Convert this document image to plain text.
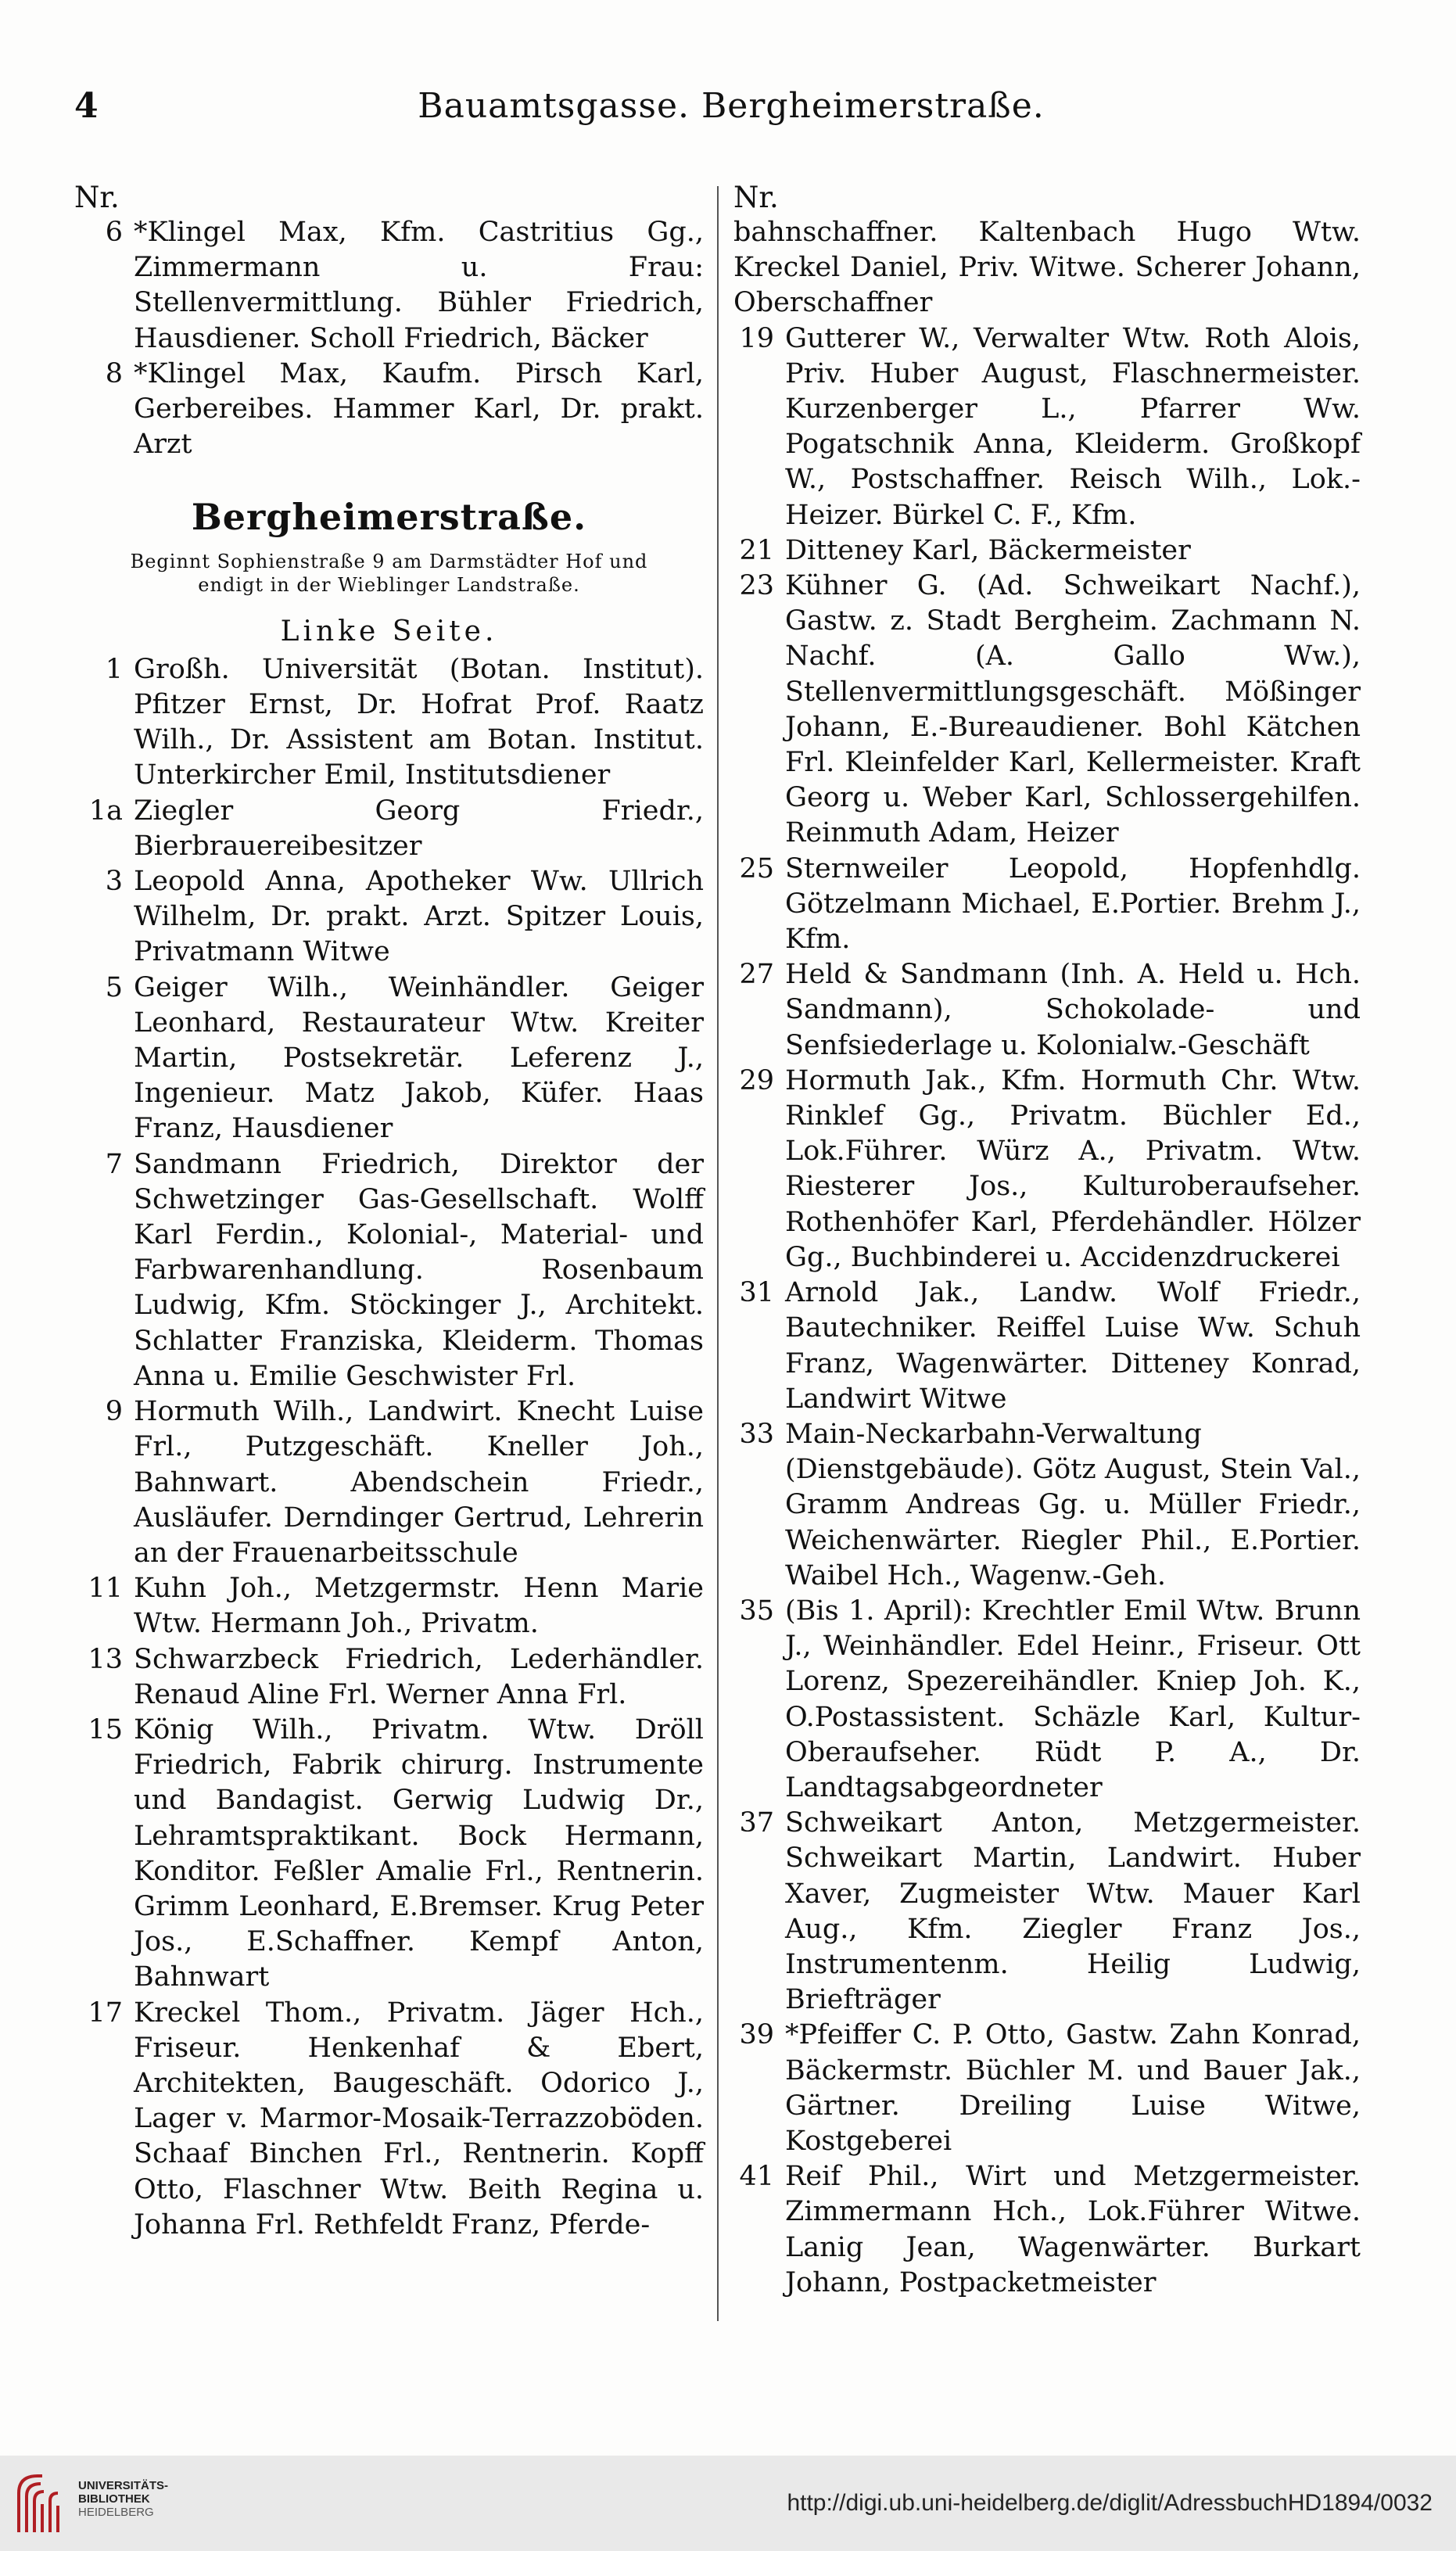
4	Bauamtsgasse. Bergheimerstraße.
Nr.
6 *Klingel Max, Kfm. Castritius Gg., Zimmermann u. Frau: Stellenvermittlung. Bühler Friedrich, Hausdiener. Scholl Friedrich, Bäcker
8 *Klingel Max, Kaufm. Pirsch Karl, Gerbereibes. Hammer Karl, Dr. prakt. Arzt
Bergheimerstraße.
Beginnt Sophienstraße 9 am Darmstädter Hof und
endigt in der Wieblinger Landstraße.
Linke Seite.
1 Großh. Universität (Botan. Institut). Pfitzer Ernst, Dr. Hofrat Prof. Raatz Wilh., Dr. Assistent am Botan. Institut. Unterkircher Emil, Institutsdiener
1a Ziegler Georg Friedr., Bierbrauereibesitzer
3 Leopold Anna, Apotheker Ww. Ullrich Wilhelm, Dr. prakt. Arzt. Spitzer Louis, Privatmann Witwe
5 Geiger Wilh., Weinhändler. Geiger Leonhard, Restaurateur Wtw. Kreiter Martin, Postsekretär. Leferenz J., Ingenieur. Matz Jakob, Küfer. Haas Franz, Hausdiener
7 Sandmann Friedrich, Direktor der Schwetzinger Gas-Gesellschaft. Wolff Karl Ferdin., Kolonial-, Material- und Farbwarenhandlung. Rosenbaum Ludwig, Kfm. Stöckinger J., Architekt. Schlatter Franziska, Kleiderm. Thomas Anna u. Emilie Geschwister Frl.
9 Hormuth Wilh., Landwirt. Knecht Luise Frl., Putzgeschäft. Kneller Joh., Bahnwart. Abendschein Friedr., Ausläufer. Derndinger Gertrud, Lehrerin an der Frauenarbeitsschule
11 Kuhn Joh., Metzgermstr. Henn Marie Wtw. Hermann Joh., Privatm.
13 Schwarzbeck Friedrich, Lederhändler. Renaud Aline Frl. Werner Anna Frl.
15 König Wilh., Privatm. Wtw. Dröll Friedrich, Fabrik chirurg. Instrumente und Bandagist. Gerwig Ludwig Dr., Lehramtspraktikant. Bock Hermann, Konditor. Feßler Amalie Frl., Rentnerin. Grimm Leonhard, E.Bremser. Krug Peter Jos., E.Schaffner. Kempf Anton, Bahnwart
17 Kreckel Thom., Privatm. Jäger Hch., Friseur. Henkenhaf & Ebert, Architekten, Baugeschäft. Odorico J., Lager v. Marmor-Mosaik-Terrazzoböden. Schaaf Binchen Frl., Rentnerin. Kopff Otto, Flaschner Wtw. Beith Regina u. Johanna Frl. Rethfeldt Franz, Pferde-
Nr.
bahnschaffner. Kaltenbach Hugo Wtw. Kreckel Daniel, Priv. Witwe. Scherer Johann, Oberschaffner
19 Gutterer W., Verwalter Wtw. Roth Alois, Priv. Huber August, Flaschnermeister. Kurzenberger L., Pfarrer Ww. Pogatschnik Anna, Kleiderm. Großkopf W., Postschaffner. Reisch Wilh., Lok.-Heizer. Bürkel C. F., Kfm.
21 Ditteney Karl, Bäckermeister
23 Kühner G. (Ad. Schweikart Nachf.), Gastw. z. Stadt Bergheim. Zachmann N. Nachf. (A. Gallo Ww.), Stellenvermittlungsgeschäft. Mößinger Johann, E.-Bureaudiener. Bohl Kätchen Frl. Kleinfelder Karl, Kellermeister. Kraft Georg u. Weber Karl, Schlossergehilfen. Reinmuth Adam, Heizer
25 Sternweiler Leopold, Hopfenhdlg. Götzelmann Michael, E.Portier. Brehm J., Kfm.
27 Held & Sandmann (Inh. A. Held u. Hch. Sandmann), Schokolade- und Senfsiederlage u. Kolonialw.-Geschäft
29 Hormuth Jak., Kfm. Hormuth Chr. Wtw. Rinklef Gg., Privatm. Büchler Ed., Lok.Führer. Würz A., Privatm. Wtw. Riesterer Jos., Kulturoberaufseher. Rothenhöfer Karl, Pferdehändler. Hölzer Gg., Buchbinderei u. Accidenzdruckerei
31 Arnold Jak., Landw. Wolf Friedr., Bautechniker. Reiffel Luise Ww. Schuh Franz, Wagenwärter. Ditteney Konrad, Landwirt Witwe
33 Main-Neckarbahn-Verwaltung (Dienstgebäude). Götz August, Stein Val., Gramm Andreas Gg. u. Müller Friedr., Weichenwärter. Riegler Phil., E.Portier. Waibel Hch., Wagenw.-Geh.
35 (Bis 1. April): Krechtler Emil Wtw. Brunn J., Weinhändler. Edel Heinr., Friseur. Ott Lorenz, Spezereihändler. Kniep Joh. K., O.Postassistent. Schäzle Karl, Kultur-Oberaufseher. Rüdt P. A., Dr. Landtagsabgeordneter
37 Schweikart Anton, Metzgermeister. Schweikart Martin, Landwirt. Huber Xaver, Zugmeister Wtw. Mauer Karl Aug., Kfm. Ziegler Franz Jos., Instrumentenm. Heilig Ludwig, Briefträger
39 *Pfeiffer C. P. Otto, Gastw. Zahn Konrad, Bäckermstr. Büchler M. und Bauer Jak., Gärtner. Dreiling Luise Witwe, Kostgeberei
41 Reif Phil., Wirt und Metzgermeister. Zimmermann Hch., Lok.Führer Witwe. Lanig Jean, Wagenwärter. Burkart Johann, Postpacketmeister
UNIVERSITÄTS-
BIBLIOTHEK
HEIDELBERG	http://digi.ub.uni-heidelberg.de/diglit/AdressbuchHD1894/0032
